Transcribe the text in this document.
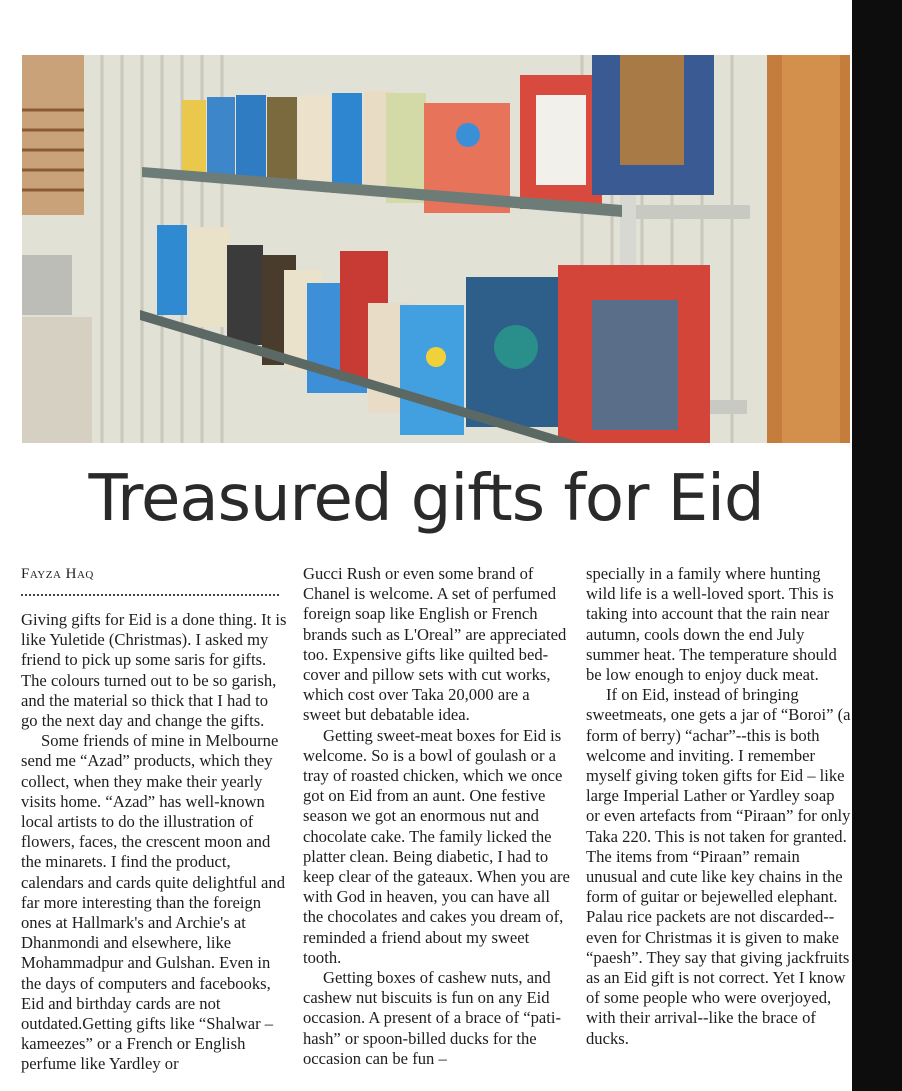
Treasured gifts for Eid
Fayza Haq

Giving gifts for Eid is a done thing. It is like Yuletide (Christmas). I asked my friend to pick up some saris for gifts. The colours turned out to be so garish, and the material so thick that I had to go the next day and change the gifts.

Some friends of mine in Melbourne send me “Azad” products, which they collect, when they make their yearly visits home. “Azad” has well-known local artists to do the illustration of flowers, faces, the crescent moon and the minarets. I find the product, calendars and cards quite delightful and far more interesting than the foreign ones at Hallmark's and Archie's at Dhanmondi and elsewhere, like Mohammadpur and Gulshan. Even in the days of computers and facebooks, Eid and birthday cards are not outdated.Getting gifts like “Shalwar –kameezes” or a French or English perfume like Yardley or

Gucci Rush or even some brand of Chanel is welcome. A set of perfumed foreign soap like English or French brands such as L'Oreal” are appreciated too. Expensive gifts like quilted bed-cover and pillow sets with cut works, which cost over Taka 20,000 are a sweet but debatable idea.

Getting sweet-meat boxes for Eid is welcome. So is a bowl of goulash or a tray of roasted chicken, which we once got on Eid from an aunt. One festive season we got an enormous nut and chocolate cake. The family licked the platter clean. Being diabetic, I had to keep clear of the gateaux. When you are with God in heaven, you can have all the chocolates and cakes you dream of, reminded a friend about my sweet tooth.

Getting boxes of cashew nuts, and cashew nut biscuits is fun on any Eid occasion. A present of a brace of “pati-hash” or spoon-billed ducks for the occasion can be fun –

specially in a family where hunting wild life is a well-loved sport. This is taking into account that the rain near autumn, cools down the end July summer heat. The temperature should be low enough to enjoy duck meat.

If on Eid, instead of bringing sweetmeats, one gets a jar of “Boroi” (a form of berry) “achar”--this is both welcome and inviting. I remember myself giving token gifts for Eid – like large Imperial Lather or Yardley soap or even artefacts from “Piraan” for only Taka 220. This is not taken for granted. The items from “Piraan” remain unusual and cute like key chains in the form of guitar or bejewelled elephant. Palau rice packets are not discarded--even for Christmas it is given to make “paesh”. They say that giving jackfruits as an Eid gift is not correct. Yet I know of some people who were overjoyed, with their arrival--like the brace of ducks.
